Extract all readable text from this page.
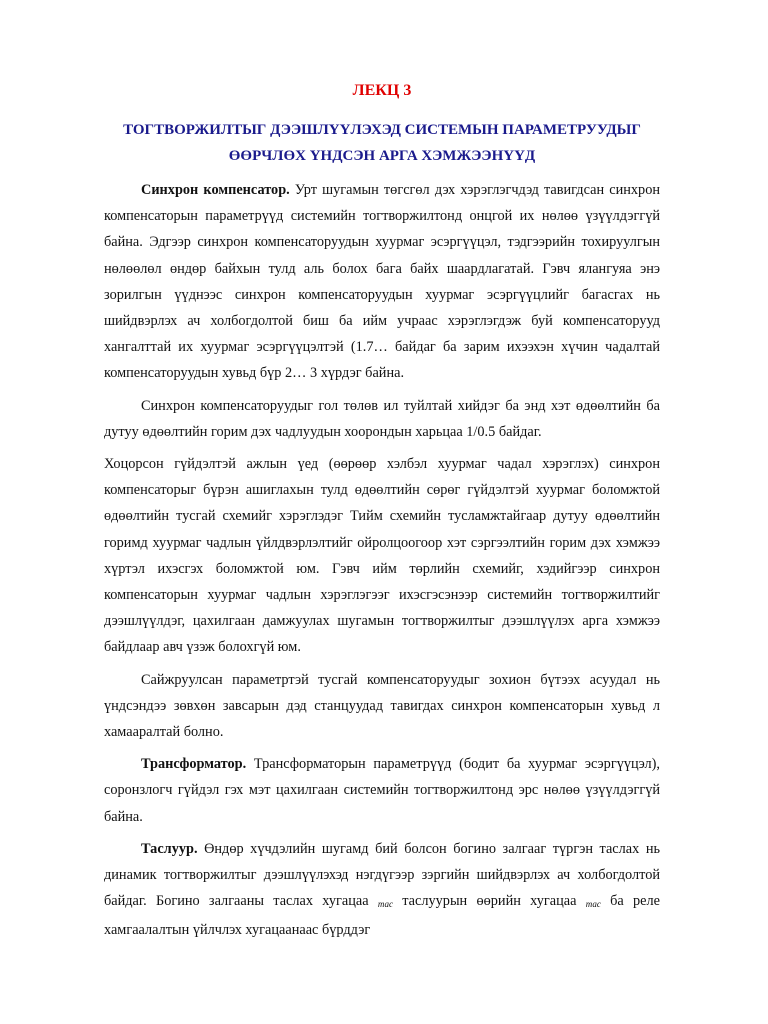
ЛЕКЦ 3
ТОГТВОРЖИЛТЫГ ДЭЭШЛҮҮЛЭХЭД СИСТЕМЫН ПАРАМЕТРУУДЫГ
ӨӨРЧЛӨХ ҮНДСЭН АРГА ХЭМЖЭЭНҮҮД

Синхрон компенсатор. Урт шугамын төгсгөл дэх хэрэглэгчдэд тавигдсан синхрон компенсаторын параметрүүд системийн тогтворжилтонд онцгой их нөлөө үзүүлдэггүй байна. Эдгээр синхрон компенсаторуудын хуурмаг эсэргүүцэл, тэдгээрийн тохируулгын нөлөөлөл өндөр байхын тулд аль болох бага байх шаардлагатай. Гэвч ялангуяа энэ зорилгын үүднээс синхрон компенсаторуудын хуурмаг эсэргүүцлийг багасгах нь шийдвэрлэх ач холбогдолтой биш ба ийм учраас хэрэглэгдэж буй компенсаторууд хангалттай их хуурмаг эсэргүүцэлтэй (1.7… байдаг ба зарим ихээхэн хүчин чадалтай компенсаторуудын хувьд бүр 2… 3 хүрдэг байна.

Синхрон компенсаторуудыг гол төлөв ил туйлтай хийдэг ба энд хэт өдөөлтийн ба дутуу өдөөлтийн горим дэх чадлуудын хоорондын харьцаа 1/0.5 байдаг.

Хоцорсон гүйдэлтэй ажлын үед (өөрөөр хэлбэл хуурмаг чадал хэрэглэх) синхрон компенсаторыг бүрэн ашиглахын тулд өдөөлтийн сөрөг гүйдэлтэй хуурмаг боломжтой өдөөлтийн тусгай схемийг хэрэглэдэг Тийм схемийн тусламжтайгаар дутуу өдөөлтийн горимд хуурмаг чадлын үйлдвэрлэлтийг ойролцоогоор хэт сэргээлтийн горим дэх хэмжээ хүртэл ихэсгэх боломжтой юм. Гэвч ийм төрлийн схемийг, хэдийгээр синхрон компенсаторын хуурмаг чадлын хэрэглэгээг ихэсгэсэнээр системийн тогтворжилтийг дээшлүүлдэг, цахилгаан дамжуулах шугамын тогтворжилтыг дээшлүүлэх арга хэмжээ байдлаар авч үзэж болохгүй юм.

Сайжруулсан параметртэй тусгай компенсаторуудыг зохион бүтээх асуудал нь үндсэндээ зөвхөн завсарын дэд станцуудад тавигдах синхрон компенсаторын хувьд л хамааралтай болно.

Трансформатор. Трансформаторын параметрүүд (бодит ба хуурмаг эсэргүүцэл), соронзлогч гүйдэл гэх мэт цахилгаан системийн тогтворжилтонд эрс нөлөө үзүүлдэггүй байна.

Таслуур. Өндөр хүчдэлийн шугамд бий болсон богино залгааг түргэн таслах нь динамик тогтворжилтыг дээшлүүлэхэд нэгдүгээр зэргийн шийдвэрлэх ач холбогдолтой байдаг. Богино залгааны таслах хугацаа $_{тас}$ таслуурын өөрийн хугацаа $_{тас}$ ба реле хамгаалалтын үйлчлэх хугацаанаас бүрддэг
